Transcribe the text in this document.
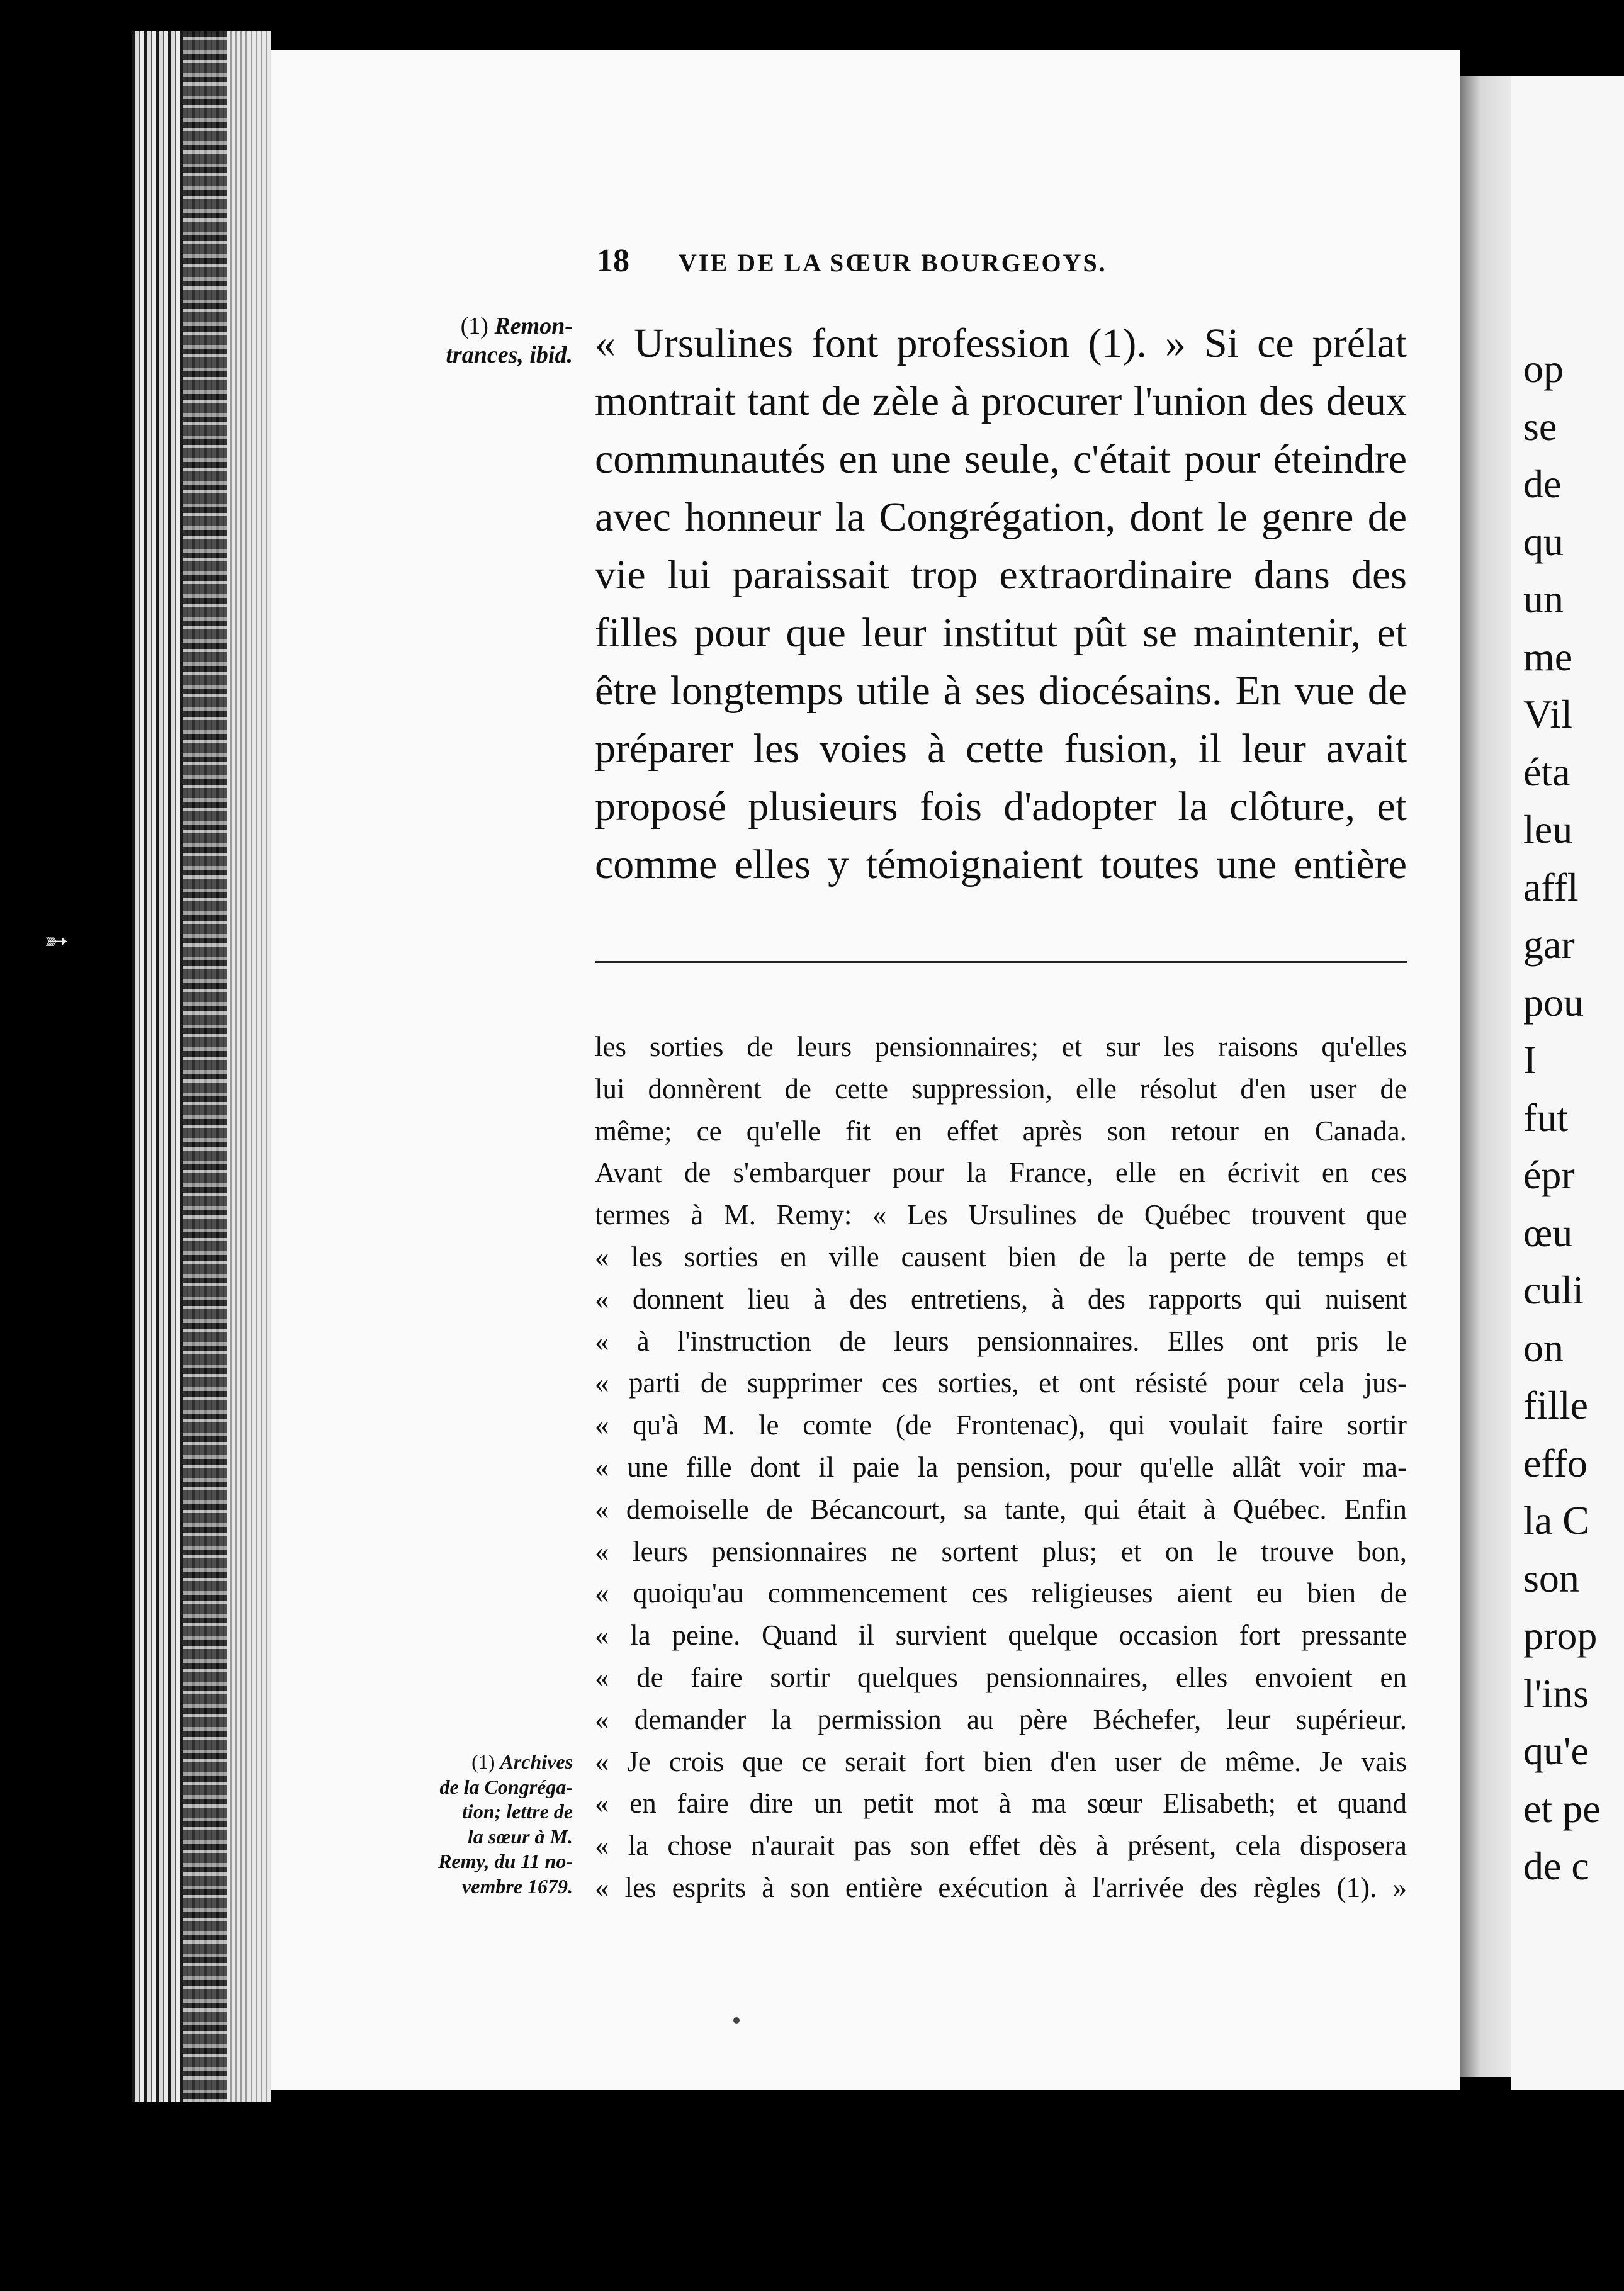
➳
18	VIE DE LA SŒUR BOURGEOYS.
(1) Remon-
trances, ibid. « Ursulines font profession (1). » Si ce prélat
montrait tant de zèle à procurer l'union des deux
communautés en une seule, c'était pour éteindre
avec honneur la Congrégation, dont le genre de
vie lui paraissait trop extraordinaire dans des
filles pour que leur institut pût se maintenir, et
être longtemps utile à ses diocésains. En vue de
préparer les voies à cette fusion, il leur avait
proposé plusieurs fois d'adopter la clôture, et
comme elles y témoignaient toutes une entière
les sorties de leurs pensionnaires; et sur les raisons qu'elles
lui donnèrent de cette suppression, elle résolut d'en user de
même; ce qu'elle fit en effet après son retour en Canada.
Avant de s'embarquer pour la France, elle en écrivit en ces
termes à M. Remy: « Les Ursulines de Québec trouvent que
« les sorties en ville causent bien de la perte de temps et
« donnent lieu à des entretiens, à des rapports qui nuisent
« à l'instruction de leurs pensionnaires. Elles ont pris le
« parti de supprimer ces sorties, et ont résisté pour cela jus-
« qu'à M. le comte (de Frontenac), qui voulait faire sortir
« une fille dont il paie la pension, pour qu'elle allât voir ma-
« demoiselle de Bécancourt, sa tante, qui était à Québec. Enfin
« leurs pensionnaires ne sortent plus; et on le trouve bon,
« quoiqu'au commencement ces religieuses aient eu bien de
« la peine. Quand il survient quelque occasion fort pressante
« de faire sortir quelques pensionnaires, elles envoient en
« demander la permission au père Béchefer, leur supérieur.
« Je crois que ce serait fort bien d'en user de même. Je vais
« en faire dire un petit mot à ma sœur Elisabeth; et quand
« la chose n'aurait pas son effet dès à présent, cela disposera
« les esprits à son entière exécution à l'arrivée des règles (1). »
(1) Archives
de la Congréga-
tion; lettre de
la sœur à M.
Remy, du 11 no-
vembre 1679.
op
se
de
qu
un
me
Vil
éta
leu
affl
gar
pou
I
fut
épr
œu
culi
on
fille
effo
la C
son
prop
l'ins
qu'e
et pe
de c
